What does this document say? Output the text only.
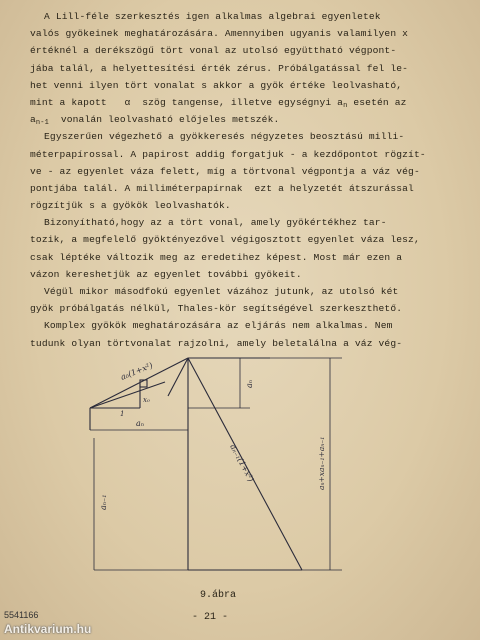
A Lill-féle szerkesztés igen alkalmas algebrai egyenletek
valós gyökeinek meghatározására. Amennyiben ugyanis valamilyen x
értéknél a derékszögű tört vonal az utolsó együttható végpont-
jába talál, a helyettesítési érték zérus. Próbálgatással fel le-
het venni ilyen tört vonalat s akkor a gyök értéke leolvasható,
mint a kapott   α  szög tangense, illetve egységnyi $a_n$ esetén az
$a_{n-1}$ vonalán leolvasható előjeles metszék.
Egyszerűen végezhető a gyökkeresés négyzetes beosztású milli-
méterpapírossal. A papirost addig forgatjuk - a kezdőpontot rögzít-
ve - az egyenlet váza felett, míg a törtvonal végpontja a váz vég-
pontjába talál. A milliméterpapírnak  ezt a helyzetét átszurással
rögzítjük s a gyökök leolvashatók.
Bizonyítható,hogy az a tört vonal, amely gyökértékhez tar-
tozik, a megfelelő gyöktényezővel végigosztott egyenlet váza lesz,
csak léptéke változik meg az eredetihez képest. Most már ezen a
vázon kereshetjük az egyenlet további gyökeit.
Végül mikor másodfokú egyenlet vázához jutunk, az utolsó két
gyök próbálgatás nélkül, Thales-kör segítségével szerkeszthető.
Komplex gyökök meghatározására az eljárás nem alkalmas. Nem
tudunk olyan törtvonalat rajzolni, amely beletalálna a váz vég-
a₀(1+x²)
x₀
1
aₙ
aₙ
aₙ₋₁
aₙ₋₁(1+x²)	aₙ+xaₙ₋₁+aₙ₋₁
9.ábra
- 21 -
5541166
Antikvarium.hu
